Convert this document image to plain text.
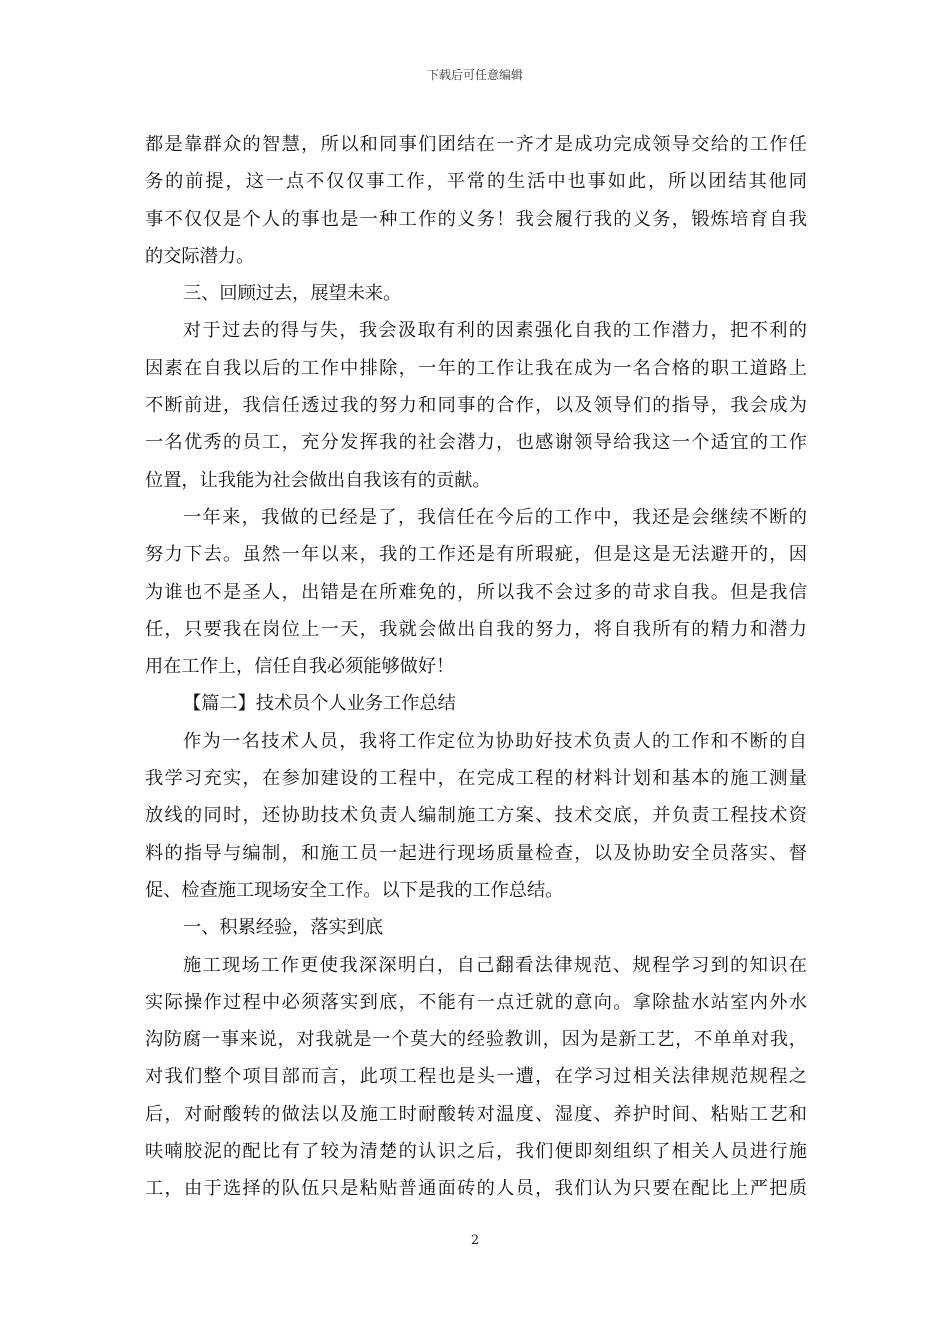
下载后可任意编辑
都是靠群众的智慧，所以和同事们团结在一齐才是成功完成领导交给的工作任
务的前提，这一点不仅仅事工作，平常的生活中也事如此，所以团结其他同
事不仅仅是个人的事也是一种工作的义务！我会履行我的义务，锻炼培育自我
的交际潜力。
三、回顾过去，展望未来。
对于过去的得与失，我会汲取有利的因素强化自我的工作潜力，把不利的
因素在自我以后的工作中排除，一年的工作让我在成为一名合格的职工道路上
不断前进，我信任透过我的努力和同事的合作，以及领导们的指导，我会成为
一名优秀的员工，充分发挥我的社会潜力，也感谢领导给我这一个适宜的工作
位置，让我能为社会做出自我该有的贡献。
一年来，我做的已经是了，我信任在今后的工作中，我还是会继续不断的
努力下去。虽然一年以来，我的工作还是有所瑕疵，但是这是无法避开的，因
为谁也不是圣人，出错是在所难免的，所以我不会过多的苛求自我。但是我信
任，只要我在岗位上一天，我就会做出自我的努力，将自我所有的精力和潜力
用在工作上，信任自我必须能够做好！
【篇二】技术员个人业务工作总结
作为一名技术人员，我将工作定位为协助好技术负责人的工作和不断的自
我学习充实，在参加建设的工程中，在完成工程的材料计划和基本的施工测量
放线的同时，还协助技术负责人编制施工方案、技术交底，并负责工程技术资
料的指导与编制，和施工员一起进行现场质量检查，以及协助安全员落实、督
促、检查施工现场安全工作。以下是我的工作总结。
一、积累经验，落实到底
施工现场工作更使我深深明白，自己翻看法律规范、规程学习到的知识在
实际操作过程中必须落实到底，不能有一点迁就的意向。拿除盐水站室内外水
沟防腐一事来说，对我就是一个莫大的经验教训，因为是新工艺，不单单对我，
对我们整个项目部而言，此项工程也是头一遭，在学习过相关法律规范规程之
后，对耐酸转的做法以及施工时耐酸转对温度、湿度、养护时间、粘贴工艺和
呋喃胶泥的配比有了较为清楚的认识之后，我们便即刻组织了相关人员进行施
工，由于选择的队伍只是粘贴普通面砖的人员，我们认为只要在配比上严把质
2
